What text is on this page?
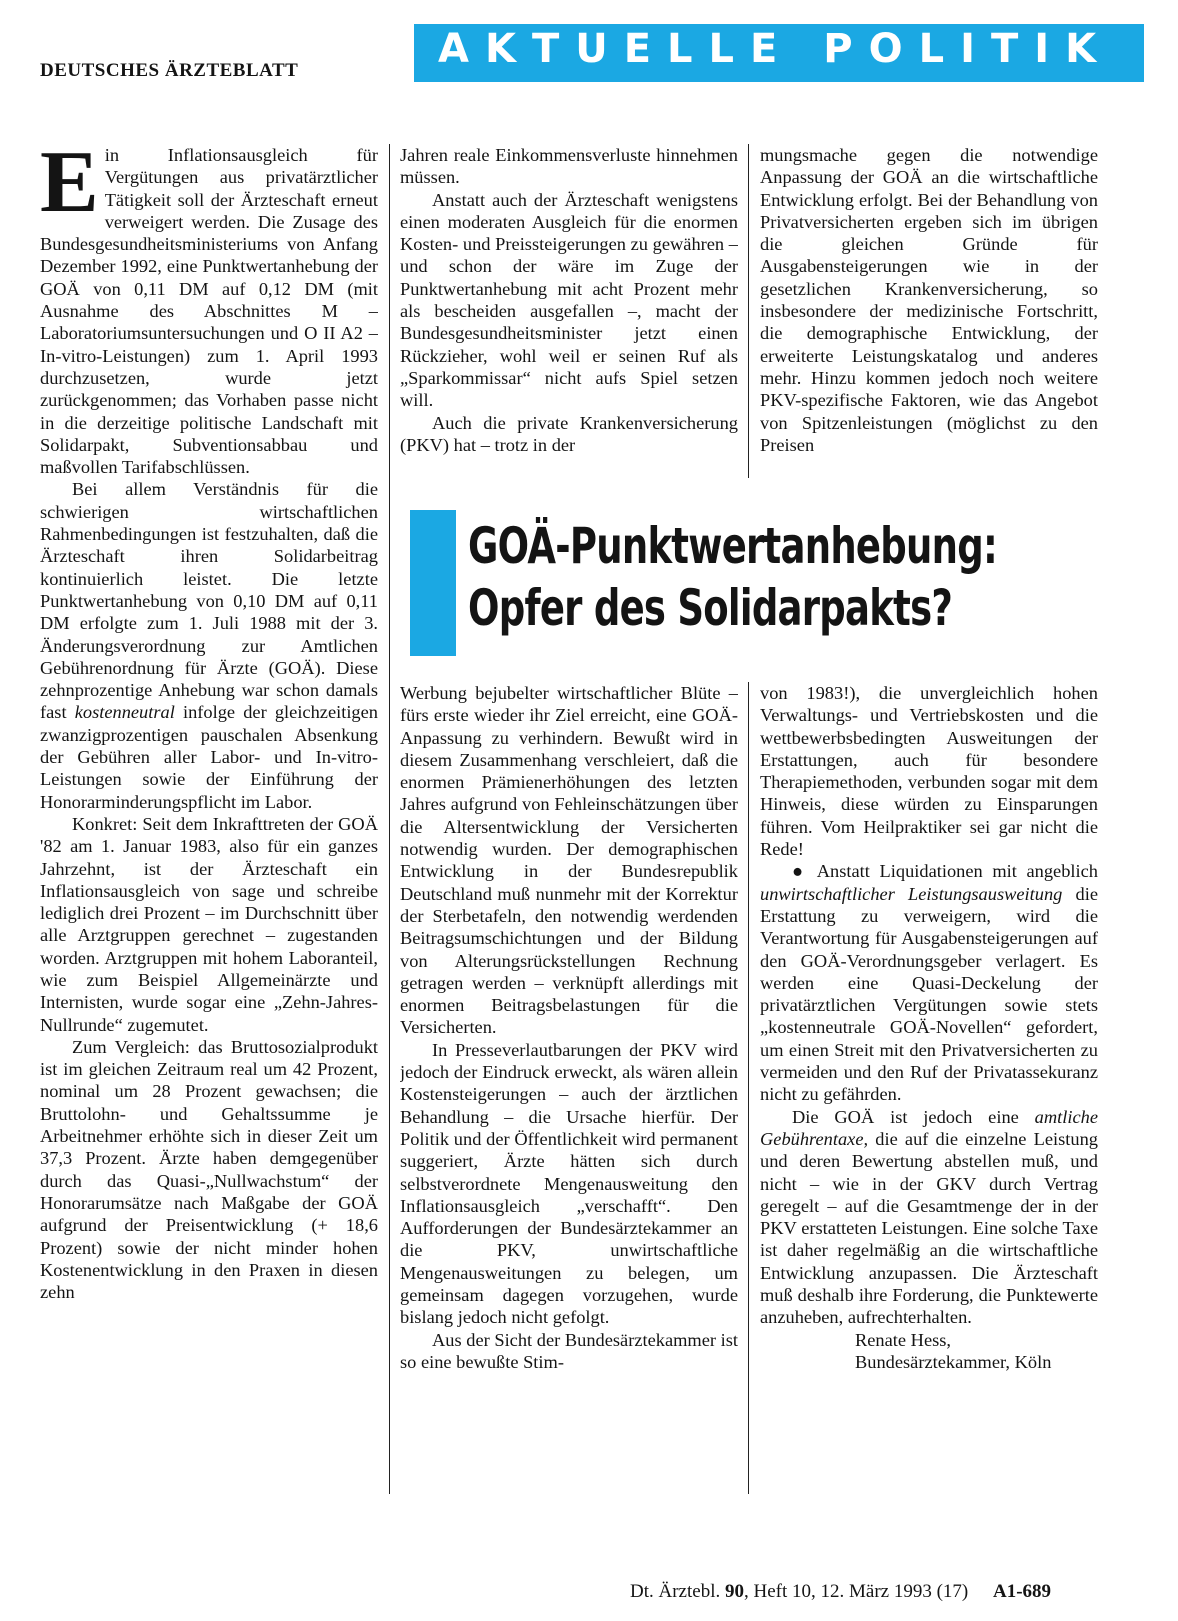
DEUTSCHES ÄRZTEBLATT	AKTUELLE POLITIK
E in Inflationsausgleich für Vergütungen aus privatärztlicher Tätigkeit soll der Ärzteschaft erneut verweigert werden. Die Zusage des Bundesgesundheitsministeriums von Anfang Dezember 1992, eine Punktwertanhebung der GOÄ von 0,11 DM auf 0,12 DM (mit Ausnahme des Abschnittes M – Laboratoriumsuntersuchungen und O II A2 – In-vitro-Leistungen) zum 1. April 1993 durchzusetzen, wurde jetzt zurückgenommen; das Vorhaben passe nicht in die derzeitige politische Landschaft mit Solidarpakt, Subventionsabbau und maßvollen Tarifabschlüssen.

Bei allem Verständnis für die schwierigen wirtschaftlichen Rahmenbedingungen ist festzuhalten, daß die Ärzteschaft ihren Solidarbeitrag kontinuierlich leistet. Die letzte Punktwertanhebung von 0,10 DM auf 0,11 DM erfolgte zum 1. Juli 1988 mit der 3. Änderungsverordnung zur Amtlichen Gebührenordnung für Ärzte (GOÄ). Diese zehnprozentige Anhebung war schon damals fast kostenneutral infolge der gleichzeitigen zwanzigprozentigen pauschalen Absenkung der Gebühren aller Labor- und In-vitro-Leistungen sowie der Einführung der Honorarminderungspflicht im Labor.

Konkret: Seit dem Inkrafttreten der GOÄ '82 am 1. Januar 1983, also für ein ganzes Jahrzehnt, ist der Ärzteschaft ein Inflationsausgleich von sage und schreibe lediglich drei Prozent – im Durchschnitt über alle Arztgruppen gerechnet – zugestanden worden. Arztgruppen mit hohem Laboranteil, wie zum Beispiel Allgemeinärzte und Internisten, wurde sogar eine „Zehn-Jahres-Nullrunde“ zugemutet.

Zum Vergleich: das Bruttosozialprodukt ist im gleichen Zeitraum real um 42 Prozent, nominal um 28 Prozent gewachsen; die Bruttolohn- und Gehaltssumme je Arbeitnehmer erhöhte sich in dieser Zeit um 37,3 Prozent. Ärzte haben demgegenüber durch das Quasi-„Nullwachstum“ der Honorarumsätze nach Maßgabe der GOÄ aufgrund der Preisentwicklung (+ 18,6 Prozent) sowie der nicht minder hohen Kostenentwicklung in den Praxen in diesen zehn

Jahren reale Einkommensverluste hinnehmen müssen.

Anstatt auch der Ärzteschaft wenigstens einen moderaten Ausgleich für die enormen Kosten- und Preissteigerungen zu gewähren – und schon der wäre im Zuge der Punktwertanhebung mit acht Prozent mehr als bescheiden ausgefallen –, macht der Bundesgesundheitsminister jetzt einen Rückzieher, wohl weil er seinen Ruf als „Sparkommissar“ nicht aufs Spiel setzen will.

Auch die private Krankenversicherung (PKV) hat – trotz in der

mungsmache gegen die notwendige Anpassung der GOÄ an die wirtschaftliche Entwicklung erfolgt. Bei der Behandlung von Privatversicherten ergeben sich im übrigen die gleichen Gründe für Ausgabensteigerungen wie in der gesetzlichen Krankenversicherung, so insbesondere der medizinische Fortschritt, die demographische Entwicklung, der erweiterte Leistungskatalog und anderes mehr. Hinzu kommen jedoch noch weitere PKV-spezifische Faktoren, wie das Angebot von Spitzenleistungen (möglichst zu den Preisen

GOÄ-Punktwertanhebung:
Opfer des Solidarpakts?

Werbung bejubelter wirtschaftlicher Blüte – fürs erste wieder ihr Ziel erreicht, eine GOÄ-Anpassung zu verhindern. Bewußt wird in diesem Zusammenhang verschleiert, daß die enormen Prämienerhöhungen des letzten Jahres aufgrund von Fehleinschätzungen über die Altersentwicklung der Versicherten notwendig wurden. Der demographischen Entwicklung in der Bundesrepublik Deutschland muß nunmehr mit der Korrektur der Sterbetafeln, den notwendig werdenden Beitragsumschichtungen und der Bildung von Alterungsrückstellungen Rechnung getragen werden – verknüpft allerdings mit enormen Beitragsbelastungen für die Versicherten.

In Presseverlautbarungen der PKV wird jedoch der Eindruck erweckt, als wären allein Kostensteigerungen – auch der ärztlichen Behandlung – die Ursache hierfür. Der Politik und der Öffentlichkeit wird permanent suggeriert, Ärzte hätten sich durch selbstverordnete Mengenausweitung den Inflationsausgleich „verschafft“. Den Aufforderungen der Bundesärztekammer an die PKV, unwirtschaftliche Mengenausweitungen zu belegen, um gemeinsam dagegen vorzugehen, wurde bislang jedoch nicht gefolgt.

Aus der Sicht der Bundesärztekammer ist so eine bewußte Stim-

von 1983!), die unvergleichlich hohen Verwaltungs- und Vertriebskosten und die wettbewerbsbedingten Ausweitungen der Erstattungen, auch für besondere Therapiemethoden, verbunden sogar mit dem Hinweis, diese würden zu Einsparungen führen. Vom Heilpraktiker sei gar nicht die Rede!

● Anstatt Liquidationen mit angeblich unwirtschaftlicher Leistungsausweitung die Erstattung zu verweigern, wird die Verantwortung für Ausgabensteigerungen auf den GOÄ-Verordnungsgeber verlagert. Es werden eine Quasi-Deckelung der privatärztlichen Vergütungen sowie stets „kostenneutrale GOÄ-Novellen“ gefordert, um einen Streit mit den Privatversicherten zu vermeiden und den Ruf der Privatassekuranz nicht zu gefährden.

Die GOÄ ist jedoch eine amtliche Gebührentaxe, die auf die einzelne Leistung und deren Bewertung abstellen muß, und nicht – wie in der GKV durch Vertrag geregelt – auf die Gesamtmenge der in der PKV erstatteten Leistungen. Eine solche Taxe ist daher regelmäßig an die wirtschaftliche Entwicklung anzupassen. Die Ärzteschaft muß deshalb ihre Forderung, die Punktewerte anzuheben, aufrechterhalten.

Renate Hess,

Bundesärztekammer, Köln

Dt. Ärztebl. 90, Heft 10, 12. März 1993 (17) A1-689
